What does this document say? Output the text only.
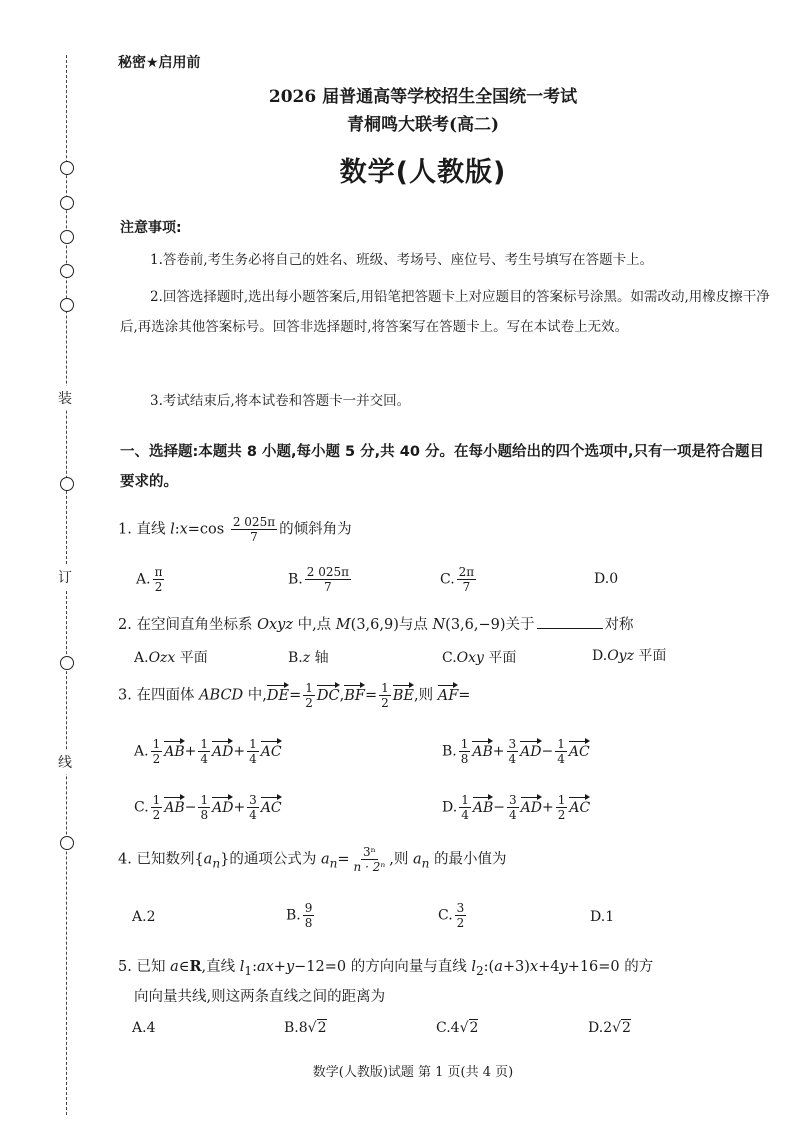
装
订
线
秘密★启用前
2026 届普通高等学校招生全国统一考试
青桐鸣大联考(高二)
数学(人教版)
注意事项:
1.答卷前,考生务必将自己的姓名、班级、考场号、座位号、考生号填写在答题卡上。
2.回答选择题时,选出每小题答案后,用铅笔把答题卡上对应题目的答案标号涂黑。如需改动,用橡皮擦干净后,再选涂其他答案标号。回答非选择题时,将答案写在答题卡上。写在本试卷上无效。
3.考试结束后,将本试卷和答题卡一并交回。
一、选择题:本题共 8 小题,每小题 5 分,共 40 分。在每小题给出的四个选项中,只有一项是符合题目要求的。
1. 直线 l:x=cos $\frac{2 025\pi}{7}$ 的倾斜角为
A. $\frac{\pi}{2}$	B. $\frac{2 025\pi}{7}$	C. $\frac{2\pi}{7}$	D.0
2. 在空间直角坐标系 Oxyz 中,点 M(3,6,9)与点 N(3,6,−9)关于	对称
A.Ozx 平面	B.z 轴	C.Oxy 平面	D.Oyz 平面
3. 在四面体 ABCD 中$,DE= \frac{1}{2} DC,BF= \frac{1}{2}$ BE,则 AF=
A. $\frac{1}{2} AB+ \frac{1}{4} AD+ \frac{1}{4}$ AC	B. $\frac{1}{8} AB+ \frac{3}{4} AD- \frac{1}{4}$ AC
C. $\frac{1}{2} AB- \frac{1}{8} AD+ \frac{3}{4}$ AC	D. $\frac{1}{4} AB- \frac{3}{4} AD+ \frac{1}{2}$ AC
4. 已知数列$\{a_n\}$的通项公式为 $a_n= \frac{\text{3ⁿ}}{\text{n · 2ⁿ}}$ ,则 $a_n$ 的最小值为
A.2	B. $\frac{9}{8}$	C. $\frac{3}{2}$	D.1
5. 已知 a∈R,直线 $l_1:ax+y-12=0$ 的方向向量与直线 $l_2:(a+3)x+4y+16=0$ 的方
向向量共线,则这两条直线之间的距离为
A.4	B.8√2	C.4√2	D.2√2
数学(人教版)试题 第 1 页(共 4 页)
